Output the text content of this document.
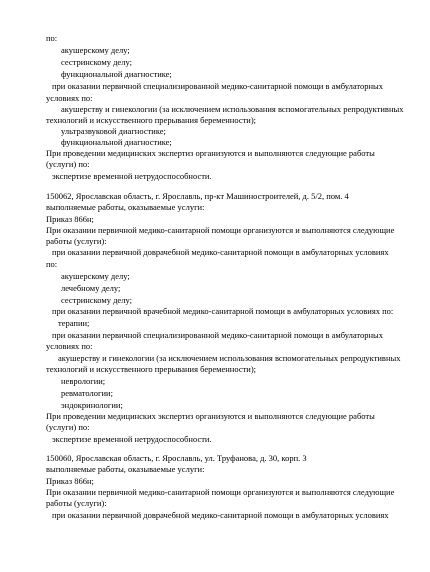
по:
акушерскому делу;
сестринскому делу;
функциональной диагностике;
при оказании первичной специализированной медико-санитарной помощи в амбулаторных
условиях по:
акушерству и гинекологии (за исключением использования вспомогательных репродуктивных
технологий и искусственного прерывания беременности);
ультразвуковой диагностике;
функциональной диагностике;
При проведении медицинских экспертиз организуются и выполняются следующие работы
(услуги) по:
экспертизе временной нетрудоспособности.
150062, Ярославская область, г. Ярославль, пр-кт Машиностроителей, д. 5/2, пом. 4
выполняемые работы, оказываемые услуги:
Приказ 866н;
При оказании первичной медико-санитарной помощи организуются и выполняются следующие
работы (услуги):
при оказании первичной доврачебной медико-санитарной помощи в амбулаторных условиях
по:
акушерскому делу;
лечебному делу;
сестринскому делу;
при оказании первичной врачебной медико-санитарной помощи в амбулаторных условиях по:
терапии;
при оказании первичной специализированной медико-санитарной помощи в амбулаторных
условиях по:
акушерству и гинекологии (за исключением использования вспомогательных репродуктивных
технологий и искусственного прерывания беременности);
неврологии;
ревматологии;
эндокринологии;
При проведении медицинских экспертиз организуются и выполняются следующие работы
(услуги) по:
экспертизе временной нетрудоспособности.
150060, Ярославская область, г. Ярославль, ул. Труфанова, д. 30, корп. 3
выполняемые работы, оказываемые услуги:
Приказ 866н;
При оказании первичной медико-санитарной помощи организуются и выполняются следующие
работы (услуги):
при оказании первичной доврачебной медико-санитарной помощи в амбулаторных условиях
